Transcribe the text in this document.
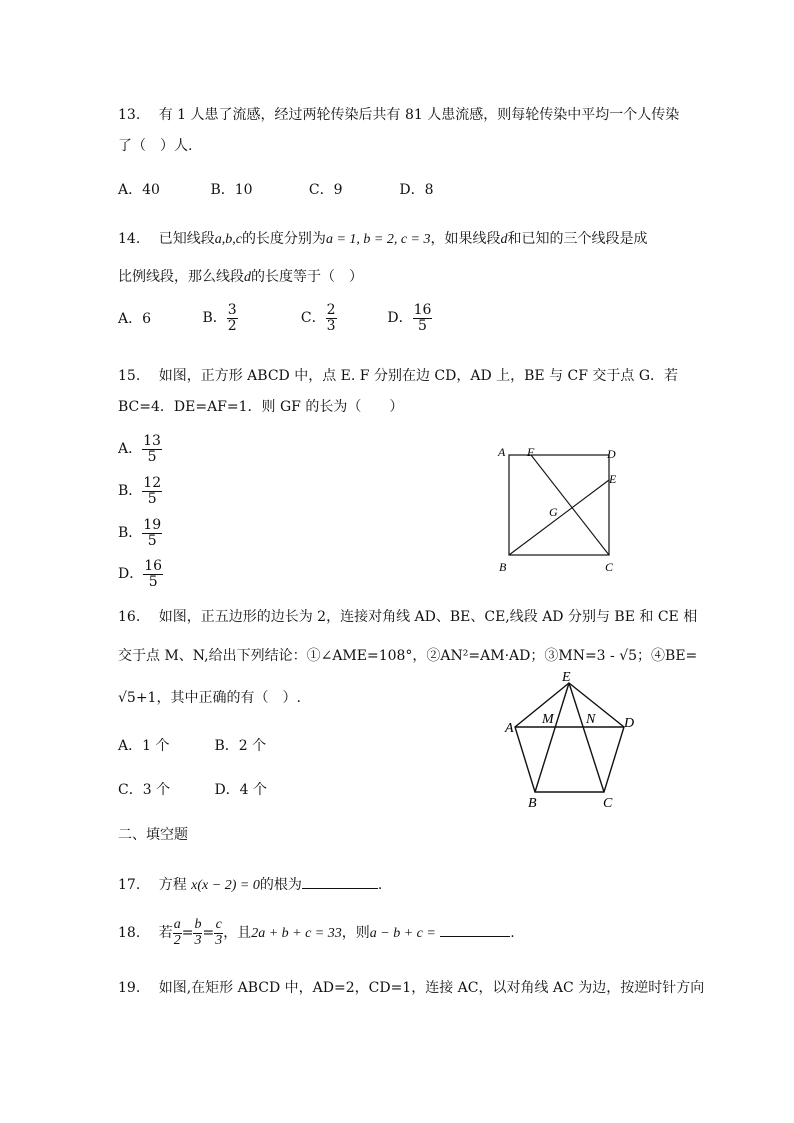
13. 有 1 人患了流感，经过两轮传染后共有 81 人患流感，则每轮传染中平均一个人传染
了（　）人.
A．40	B．10	C．9	D．8
14. 已知线段a,b,c的长度分别为a = 1, b = 2, c = 3，如果线段d和已知的三个线段是成
比例线段，那么线段d的长度等于（　）
A．6	B． $\frac{3}{2}$	C． $\frac{2}{3}$	D． $\frac{16}{5}$
15. 如图，正方形 ABCD 中，点 E. F 分别在边 CD，AD 上，BE 与 CF 交于点 G．若
BC=4．DE=AF=1．则 GF 的长为（　　）
A． $\frac{13}{5}$
B． $\frac{12}{5}$
B． $\frac{19}{5}$
D． $\frac{16}{5}$
A F	D
E
G
B	C
16. 如图，正五边形的边长为 2，连接对角线 AD、BE、CE,线段 AD 分别与 BE 和 CE 相
交于点 M、N,给出下列结论：①∠AME=108°，②AN²=AM·AD；③MN=3 - √5；④BE=
√5+1，其中正确的有（　）.
A．1 个	B．2 个
C．3 个	D．4 个
E
A
M N D
B	C
二、填空题
17. 方程 x(x − 2) = 0的根为	.
18. 若 $\frac{a}{2} = \frac{b}{3} = \frac{c}{3}$ ，且2a + b + c = 33，则a − b + c =	.
19. 如图,在矩形 ABCD 中，AD=2，CD=1，连接 AC，以对角线 AC 为边，按逆时针方向
